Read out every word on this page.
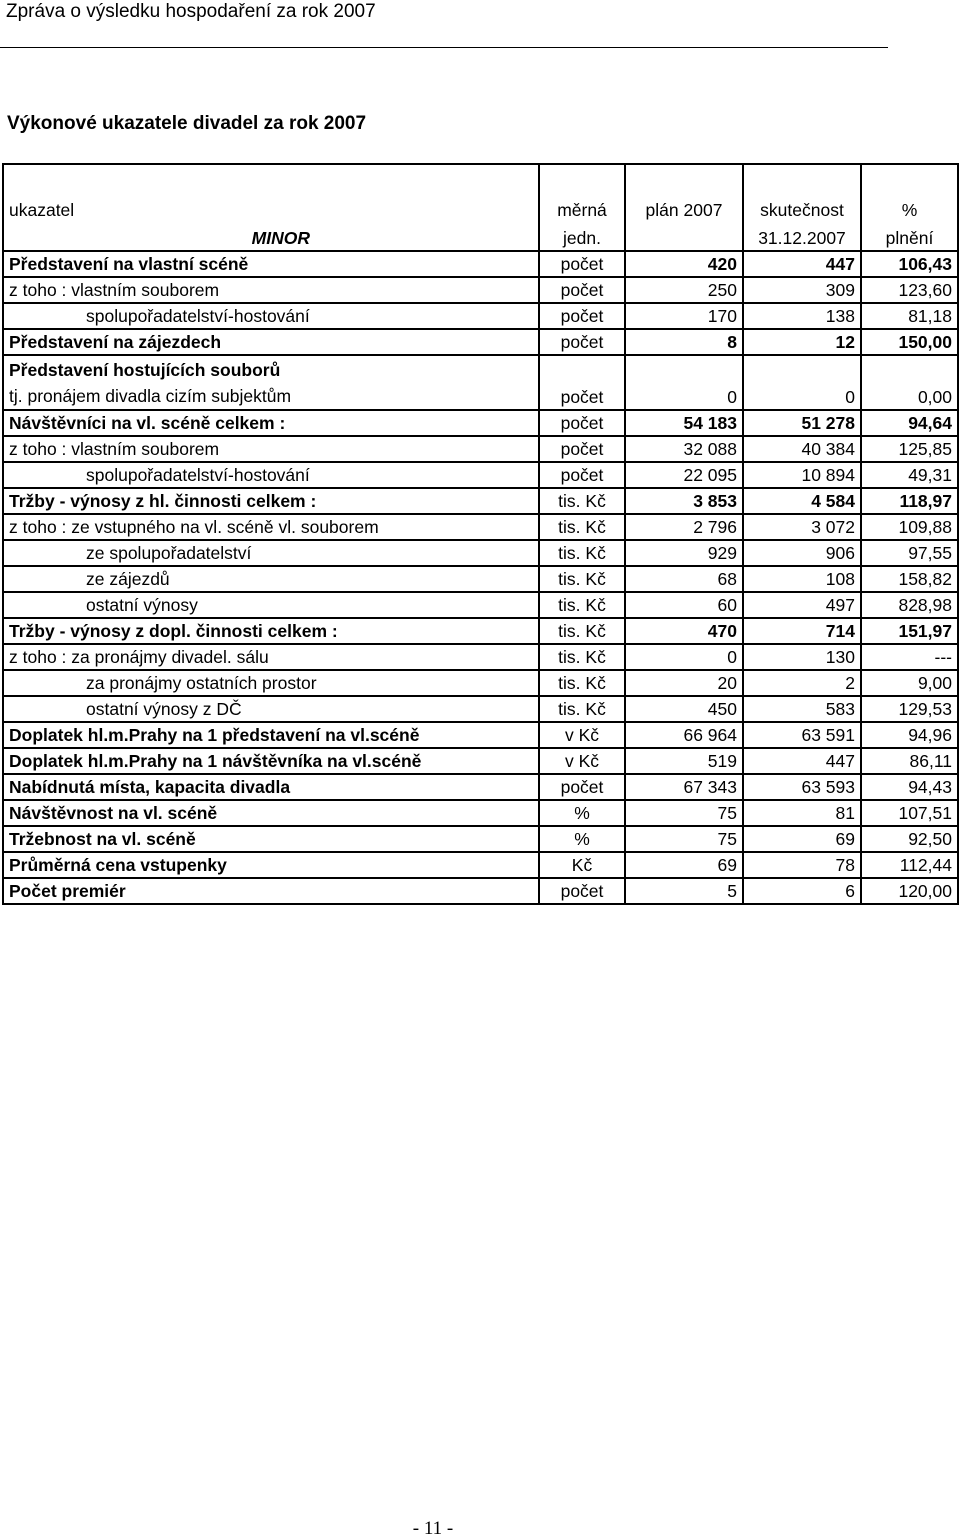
Zpráva o výsledku hospodaření za rok 2007
Výkonové ukazatele divadel za rok 2007
ukazatel	měrná	plán 2007	skutečnost	%
MINOR	jedn.		31.12.2007	plnění
Představení na vlastní scéně	počet	420	447	106,43
z toho : vlastním souborem	počet	250	309	123,60
spolupořadatelství-hostování	počet	170	138	81,18
Představení na zájezdech	počet	8	12	150,00

Představení hostujících souborů
tj. pronájem divadla cizím subjektům	počet	0	0	0,00
Návštěvníci na vl. scéně celkem :	počet	54 183	51 278	94,64
z toho : vlastním souborem	počet	32 088	40 384	125,85
spolupořadatelství-hostování	počet	22 095	10 894	49,31
Tržby - výnosy z hl. činnosti celkem :	tis. Kč	3 853	4 584	118,97
z toho : ze vstupného na vl. scéně vl. souborem	tis. Kč	2 796	3 072	109,88
ze spolupořadatelství	tis. Kč	929	906	97,55
ze zájezdů	tis. Kč	68	108	158,82
ostatní výnosy	tis. Kč	60	497	828,98
Tržby - výnosy z dopl. činnosti celkem :	tis. Kč	470	714	151,97
z toho : za pronájmy divadel. sálu	tis. Kč	0	130	---
za pronájmy ostatních prostor	tis. Kč	20	2	9,00
ostatní výnosy z DČ	tis. Kč	450	583	129,53
Doplatek hl.m.Prahy na 1 představení na vl.scéně	v Kč	66 964	63 591	94,96
Doplatek hl.m.Prahy na 1 návštěvníka na vl.scéně	v Kč	519	447	86,11
Nabídnutá místa, kapacita divadla	počet	67 343	63 593	94,43
Návštěvnost na vl. scéně	%	75	81	107,51
Tržebnost na vl. scéně	%	75	69	92,50
Průměrná cena vstupenky	Kč	69	78	112,44
Počet premiér	počet	5	6	120,00
- 11 -
